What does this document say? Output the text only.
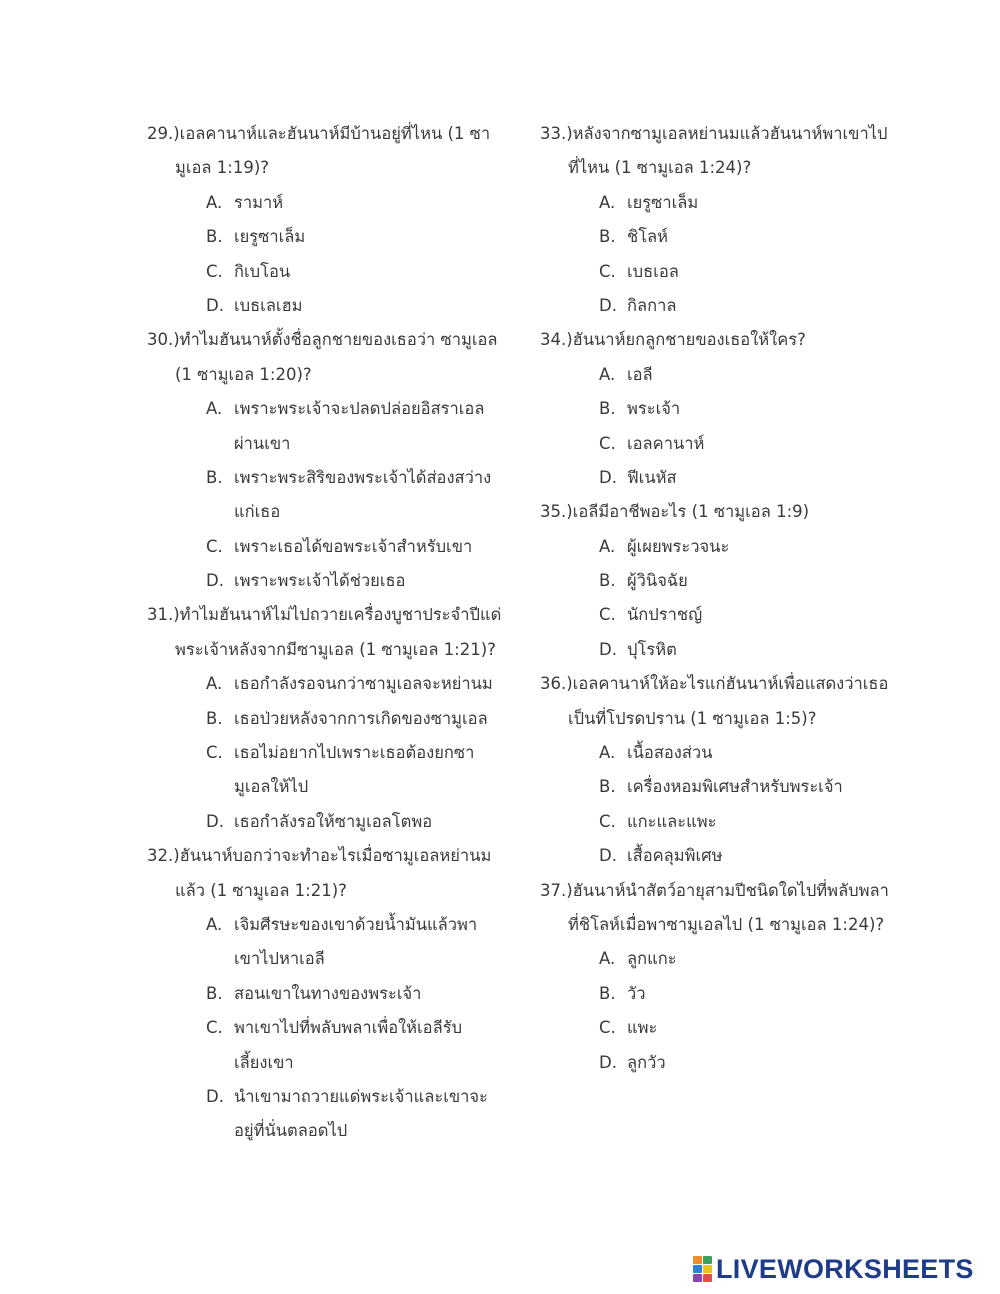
29.)เอลคานาห์และฮันนาห์มีบ้านอยู่ที่ไหน (1 ซา
มูเอล 1:19)?
A. รามาห์
B. เยรูซาเล็ม
C. กิเบโอน
D. เบธเลเฮม
30.)ทำไมฮันนาห์ตั้งชื่อลูกชายของเธอว่า ซามูเอล
(1 ซามูเอล 1:20)?
A. เพราะพระเจ้าจะปลดปล่อยอิสราเอล
ผ่านเขา
B. เพราะพระสิริของพระเจ้าได้ส่องสว่าง
แก่เธอ
C. เพราะเธอได้ขอพระเจ้าสำหรับเขา
D. เพราะพระเจ้าได้ช่วยเธอ
31.)ทำไมฮันนาห์ไม่ไปถวายเครื่องบูชาประจำปีแด่
พระเจ้าหลังจากมีซามูเอล (1 ซามูเอล 1:21)?
A. เธอกำลังรอจนกว่าซามูเอลจะหย่านม
B. เธอป่วยหลังจากการเกิดของซามูเอล
C. เธอไม่อยากไปเพราะเธอต้องยกซา
มูเอลให้ไป
D. เธอกำลังรอให้ซามูเอลโตพอ
32.)ฮันนาห์บอกว่าจะทำอะไรเมื่อซามูเอลหย่านม
แล้ว (1 ซามูเอล 1:21)?
A. เจิมศีรษะของเขาด้วยน้ำมันแล้วพา
เขาไปหาเอลี
B. สอนเขาในทางของพระเจ้า
C. พาเขาไปที่พลับพลาเพื่อให้เอลีรับ
เลี้ยงเขา
D. นำเขามาถวายแด่พระเจ้าและเขาจะ
อยู่ที่นั่นตลอดไป
33.)หลังจากซามูเอลหย่านมแล้วฮันนาห์พาเขาไป
ที่ไหน (1 ซามูเอล 1:24)?
A. เยรูซาเล็ม
B. ชิโลห์
C. เบธเอล
D. กิลกาล
34.)ฮันนาห์ยกลูกชายของเธอให้ใคร?
A. เอลี
B. พระเจ้า
C. เอลคานาห์
D. ฟีเนหัส
35.)เอลีมีอาชีพอะไร (1 ซามูเอล 1:9)
A. ผู้เผยพระวจนะ
B. ผู้วินิจฉัย
C. นักปราชญ์
D. ปุโรหิต
36.)เอลคานาห์ให้อะไรแก่ฮันนาห์เพื่อแสดงว่าเธอ
เป็นที่โปรดปราน (1 ซามูเอล 1:5)?
A. เนื้อสองส่วน
B. เครื่องหอมพิเศษสำหรับพระเจ้า
C. แกะและแพะ
D. เสื้อคลุมพิเศษ
37.)ฮันนาห์นำสัตว์อายุสามปีชนิดใดไปที่พลับพลา
ที่ชิโลห์เมื่อพาซามูเอลไป (1 ซามูเอล 1:24)?
A. ลูกแกะ
B. วัว
C. แพะ
D. ลูกวัว
LIVEWORKSHEETS
